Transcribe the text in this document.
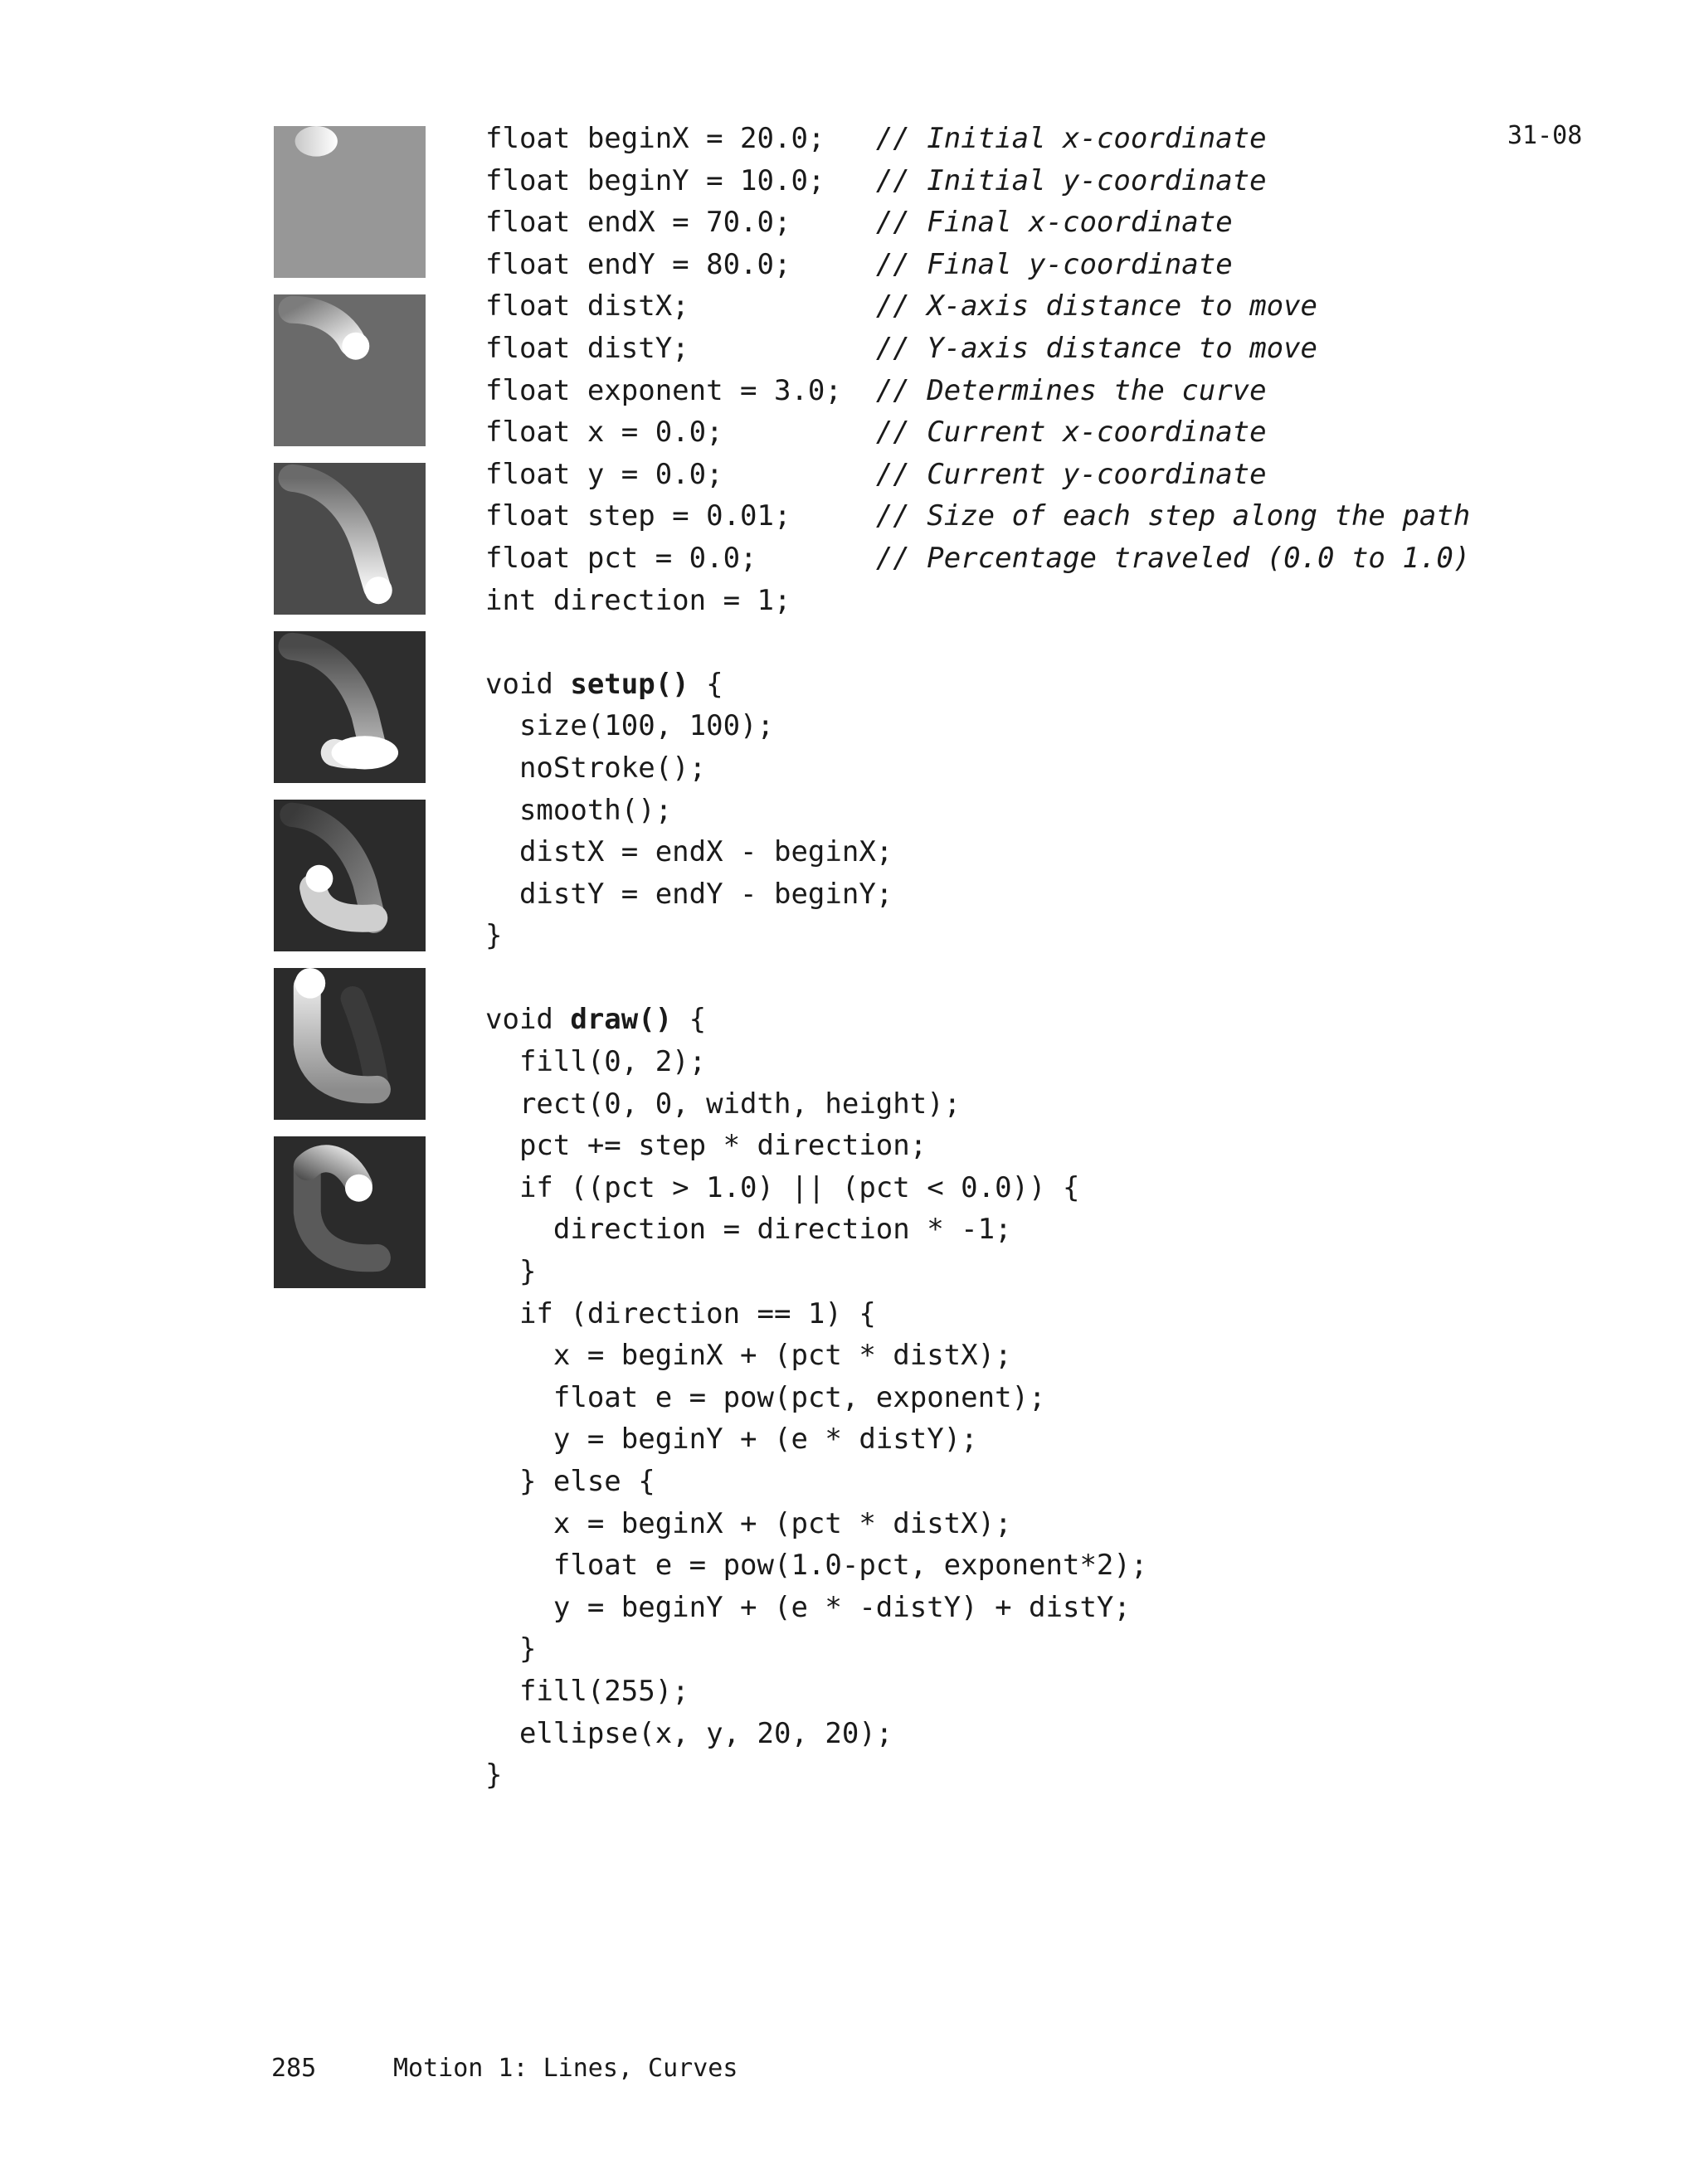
float beginX = 20.0;   // Initial x-coordinate
float beginY = 10.0;   // Initial y-coordinate
float endX = 70.0;     // Final x-coordinate
float endY = 80.0;     // Final y-coordinate
float distX;           // X-axis distance to move
float distY;           // Y-axis distance to move
float exponent = 3.0;  // Determines the curve
float x = 0.0;         // Current x-coordinate
float y = 0.0;         // Current y-coordinate
float step = 0.01;     // Size of each step along the path
float pct = 0.0;       // Percentage traveled (0.0 to 1.0)
int direction = 1;
void setup() {
size(100, 100);
noStroke();
smooth();
distX = endX - beginX;
distY = endY - beginY;
}
void draw() {
fill(0, 2);
rect(0, 0, width, height);
pct += step * direction;
if ((pct > 1.0) || (pct < 0.0)) {
direction = direction * -1;
}
if (direction == 1) {
x = beginX + (pct * distX);
float e = pow(pct, exponent);
y = beginY + (e * distY);
} else {
x = beginX + (pct * distX);
float e = pow(1.0-pct, exponent*2);
y = beginY + (e * -distY) + distY;
}
fill(255);
ellipse(x, y, 20, 20);
}
31-08
285	Motion 1: Lines, Curves
